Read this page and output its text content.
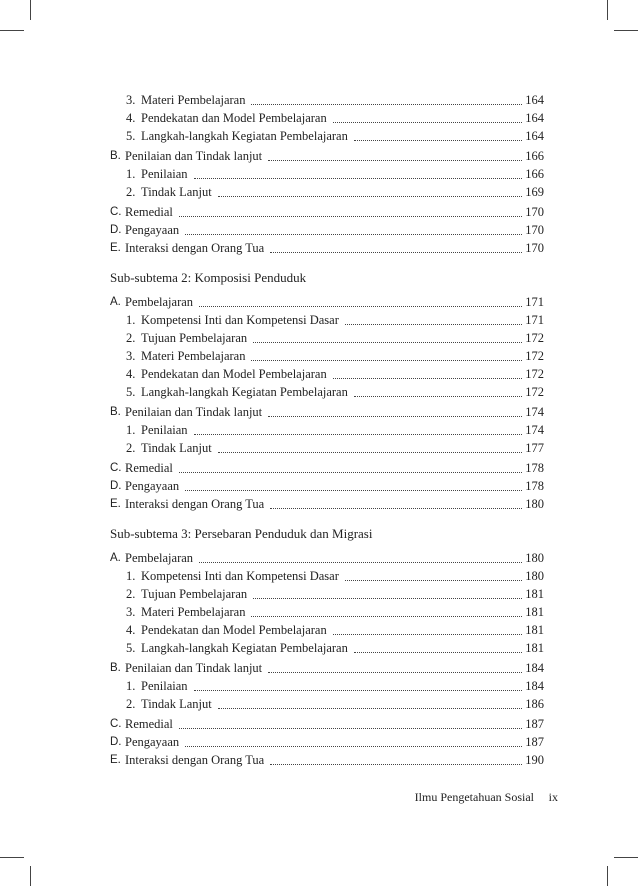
3. Materi Pembelajaran	164
4. Pendekatan dan Model Pembelajaran	164
5. Langkah-langkah Kegiatan Pembelajaran	164
B. Penilaian dan Tindak lanjut	166
1. Penilaian	166
2. Tindak Lanjut	169
C. Remedial	170
D. Pengayaan	170
E. Interaksi dengan Orang Tua	170
Sub-subtema 2: Komposisi Penduduk
A. Pembelajaran	171
1. Kompetensi Inti dan Kompetensi Dasar	171
2. Tujuan Pembelajaran	172
3. Materi Pembelajaran	172
4. Pendekatan dan Model Pembelajaran	172
5. Langkah-langkah Kegiatan Pembelajaran	172
B. Penilaian dan Tindak lanjut	174
1. Penilaian	174
2. Tindak Lanjut	177
C. Remedial	178
D. Pengayaan	178
E. Interaksi dengan Orang Tua	180
Sub-subtema 3: Persebaran Penduduk dan Migrasi
A. Pembelajaran	180
1. Kompetensi Inti dan Kompetensi Dasar	180
2. Tujuan Pembelajaran	181
3. Materi Pembelajaran	181
4. Pendekatan dan Model Pembelajaran	181
5. Langkah-langkah Kegiatan Pembelajaran	181
B. Penilaian dan Tindak lanjut	184
1. Penilaian	184
2. Tindak Lanjut	186
C. Remedial	187
D. Pengayaan	187
E. Interaksi dengan Orang Tua	190
Ilmu Pengetahuan Sosial ix
